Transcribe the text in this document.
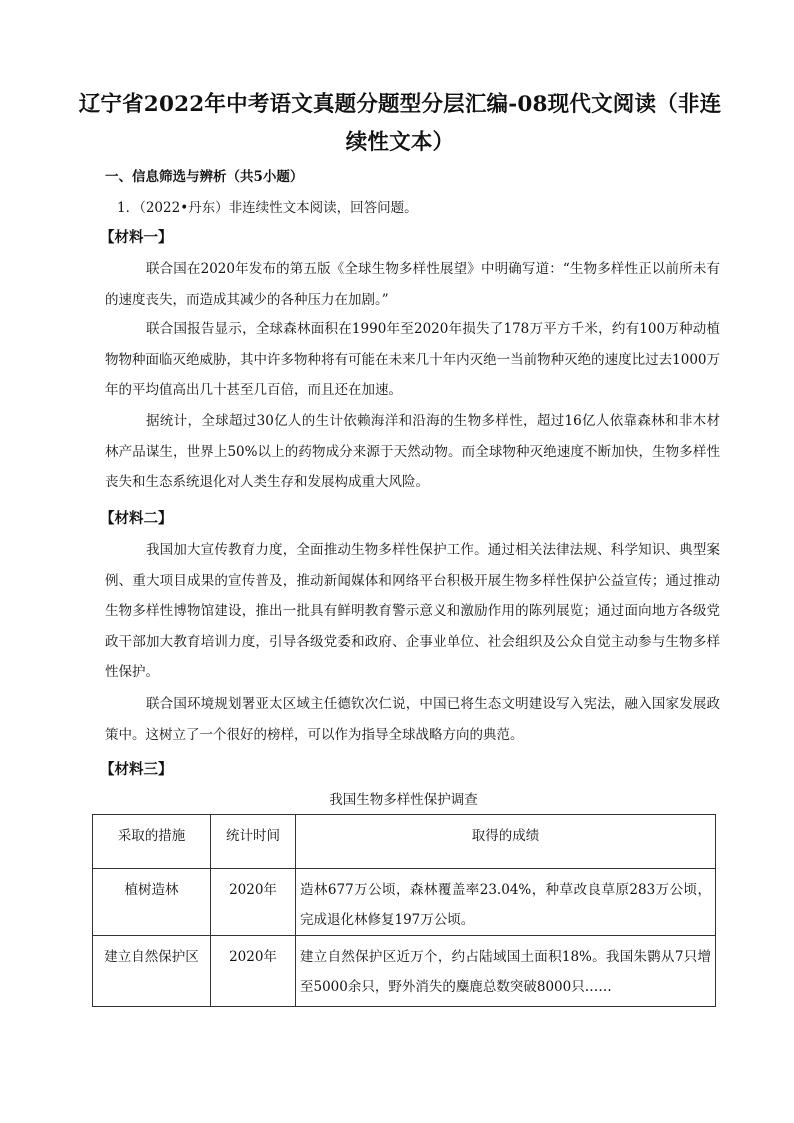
辽宁省2022年中考语文真题分题型分层汇编-08现代文阅读（非连续性文本）
一、信息筛选与辨析（共5小题）
1．（2022•丹东）非连续性文本阅读，回答问题。
【材料一】
联合国在2020年发布的第五版《全球生物多样性展望》中明确写道：“生物多样性正以前所未有的速度丧失，而造成其减少的各种压力在加剧。”
联合国报告显示，全球森林面积在1990年至2020年损失了178万平方千米，约有100万种动植物物种面临灭绝威胁，其中许多物种将有可能在未来几十年内灭绝一当前物种灭绝的速度比过去1000万年的平均值高出几十甚至几百倍，而且还在加速。
据统计，全球超过30亿人的生计依赖海洋和沿海的生物多样性，超过16亿人依靠森林和非木材林产品谋生，世界上50%以上的药物成分来源于天然动物。而全球物种灭绝速度不断加快，生物多样性丧失和生态系统退化对人类生存和发展构成重大风险。
【材料二】
我国加大宣传教育力度，全面推动生物多样性保护工作。通过相关法律法规、科学知识、典型案例、重大项目成果的宣传普及，推动新闻媒体和网络平台积极开展生物多样性保护公益宣传；通过推动生物多样性博物馆建设，推出一批具有鲜明教育警示意义和激励作用的陈列展览；通过面向地方各级党政干部加大教育培训力度，引导各级党委和政府、企事业单位、社会组织及公众自觉主动参与生物多样性保护。
联合国环境规划署亚太区域主任德钦次仁说，中国已将生态文明建设写入宪法，融入国家发展政策中。这树立了一个很好的榜样，可以作为指导全球战略方向的典范。
【材料三】
我国生物多样性保护调查
采取的措施	统计时间	取得的成绩
植树造林	2020年	造林677万公顷，森林覆盖率23.04%，种草改良草原283万公顷，完成退化林修复197万公顷。
建立自然保护区	2020年	建立自然保护区近万个，约占陆域国土面积18%。我国朱鹮从7只增至5000余只，野外消失的麋鹿总数突破8000只……
